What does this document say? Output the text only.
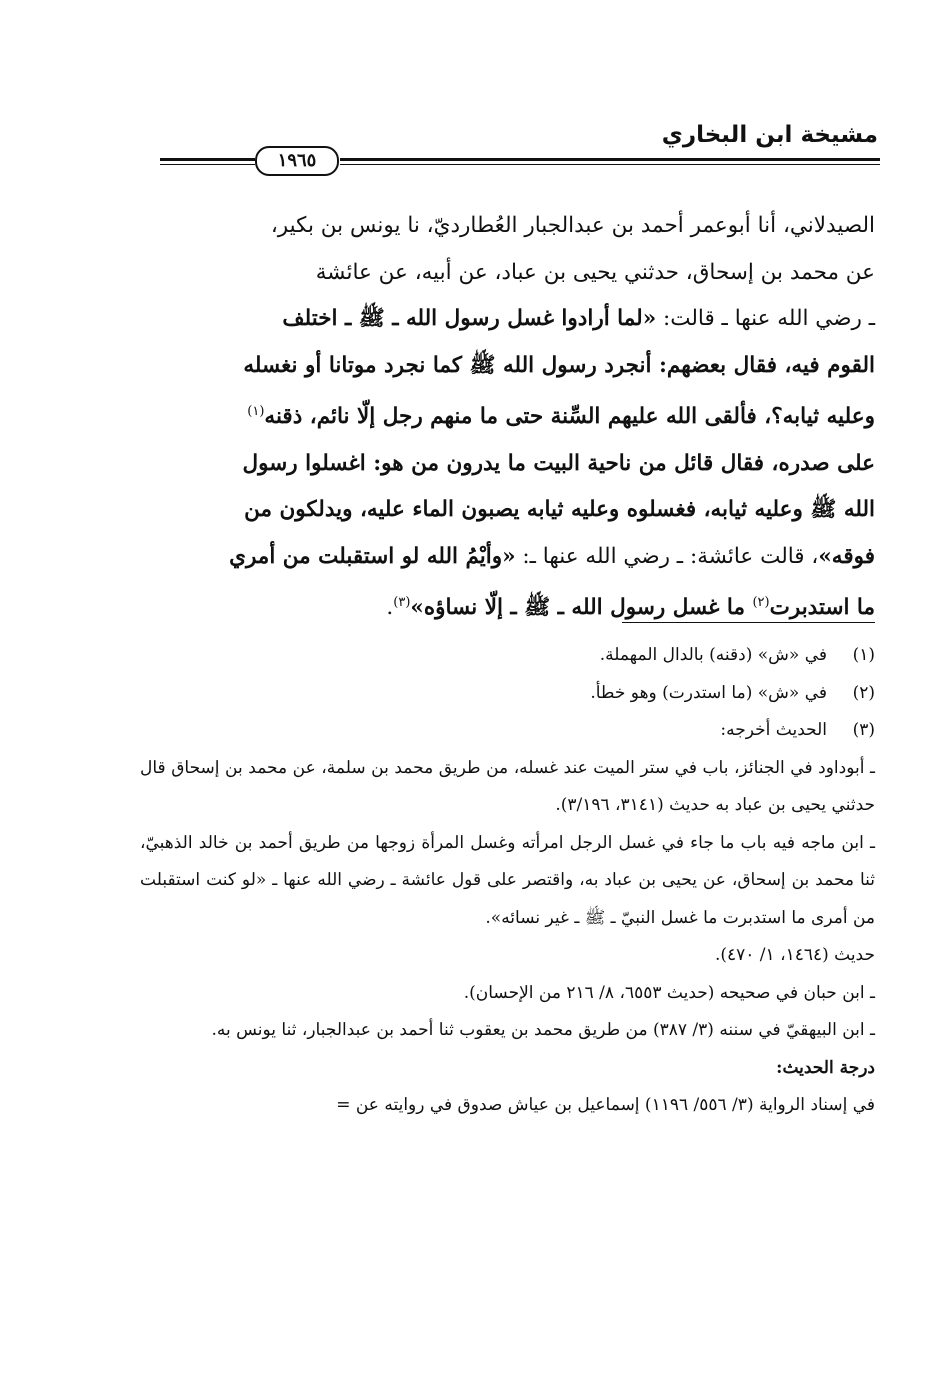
مشيخة ابن البخاري
١٩٦٥

الصيدلاني، أنا أبوعمر أحمد بن عبدالجبار العُطارديّ، نا يونس بن بكير،

عن محمد بن إسحاق، حدثني يحيى بن عباد، عن أبيه، عن عائشة

ـ رضي الله عنها ـ قالت: «لما أرادوا غسل رسول الله ـ ﷺ ـ اختلف

القوم فيه، فقال بعضهم: أنجرد رسول الله ﷺ كما نجرد موتانا أو نغسله

وعليه ثيابه؟، فألقى الله عليهم السِّنة حتى ما منهم رجل إلّا نائم، ذقنه$^{(١)}$

على صدره، فقال قائل من ناحية البيت ما يدرون من هو: اغسلوا رسول

الله ﷺ وعليه ثيابه، فغسلوه وعليه ثيابه يصبون الماء عليه، ويدلكون من

فوقه»، قالت عائشة: ـ رضي الله عنها ـ: «وأيْمُ الله لو استقبلت من أمري

ما استدبرت$^{(٢)}$ ما غسل رسول الله ـ ﷺ ـ إلّا نساؤه»$^{(٣)}$.

(١)
في «ش» (دقنه) بالدال المهملة.
(٢)
في «ش» (ما استدرت) وهو خطأ.
(٣)
الحديث أخرجه:

ـ أبوداود في الجنائز، باب في ستر الميت عند غسله، من طريق محمد بن سلمة، عن محمد بن إسحاق قال حدثني يحيى بن عباد به حديث (٣١٤١، ٣/١٩٦).

ـ ابن ماجه فيه باب ما جاء في غسل الرجل امرأته وغسل المرأة زوجها من طريق أحمد بن خالد الذهبيّ، ثنا محمد بن إسحاق، عن يحيى بن عباد به، واقتصر على قول عائشة ـ رضي الله عنها ـ «لو كنت استقبلت من أمرى ما استدبرت ما غسل النبيّ ـ ﷺ ـ غير نسائه».

حديث (١٤٦٤، ١/ ٤٧٠).

ـ ابن حبان في صحيحه (حديث ٦٥٥٣، ٨/ ٢١٦ من الإحسان).

ـ ابن البيهقيّ في سننه (٣/ ٣٨٧) من طريق محمد بن يعقوب ثنا أحمد بن عبدالجبار، ثنا يونس به.

درجة الحديث:

في إسناد الرواية (٣/ ٥٥٦/ ١١٩٦) إسماعيل بن عياش صدوق في روايته عن =
